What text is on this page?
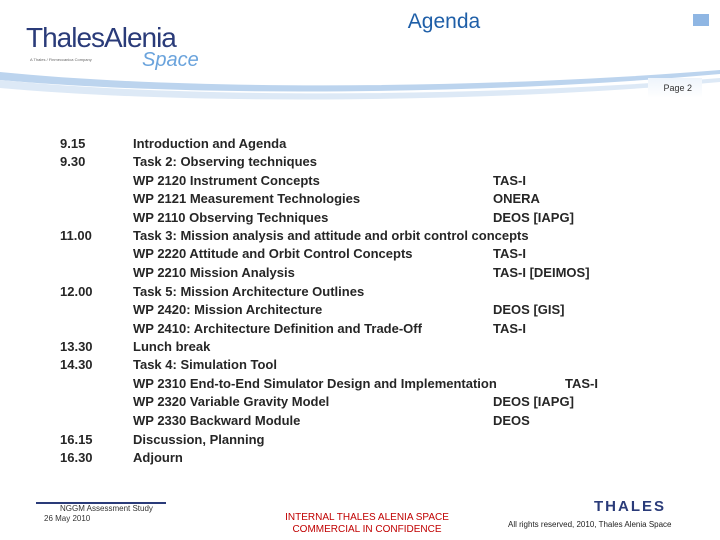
Agenda
Page 2
ThalesAlenia
A Thales / Finmeccanica Company	Space
9.15
9.30
11.00
12.00
13.30
14.30
16.15
16.30
Introduction and Agenda
Task 2: Observing techniques
WP 2120 Instrument Concepts
WP 2121 Measurement Technologies
WP 2110 Observing Techniques
Task 3: Mission analysis and attitude and orbit control concepts
WP 2220 Attitude and Orbit Control Concepts
WP 2210 Mission Analysis
Task 5: Mission Architecture Outlines
WP 2420: Mission Architecture
WP 2410: Architecture Definition and Trade-Off
Lunch break
Task 4: Simulation Tool
WP 2310 End-to-End Simulator Design and Implementation
WP 2320 Variable Gravity Model
WP 2330 Backward Module
Discussion, Planning
Adjourn
TAS-I
ONERA
DEOS [IAPG]
TAS-I
TAS-I [DEIMOS]
DEOS [GIS]
TAS-I
TAS-I
DEOS [IAPG]
DEOS
NGGM Assessment Study
26 May 2010	INTERNAL THALES ALENIA SPACE
COMMERCIAL IN CONFIDENCE
THALES
All rights reserved, 2010, Thales Alenia Space
